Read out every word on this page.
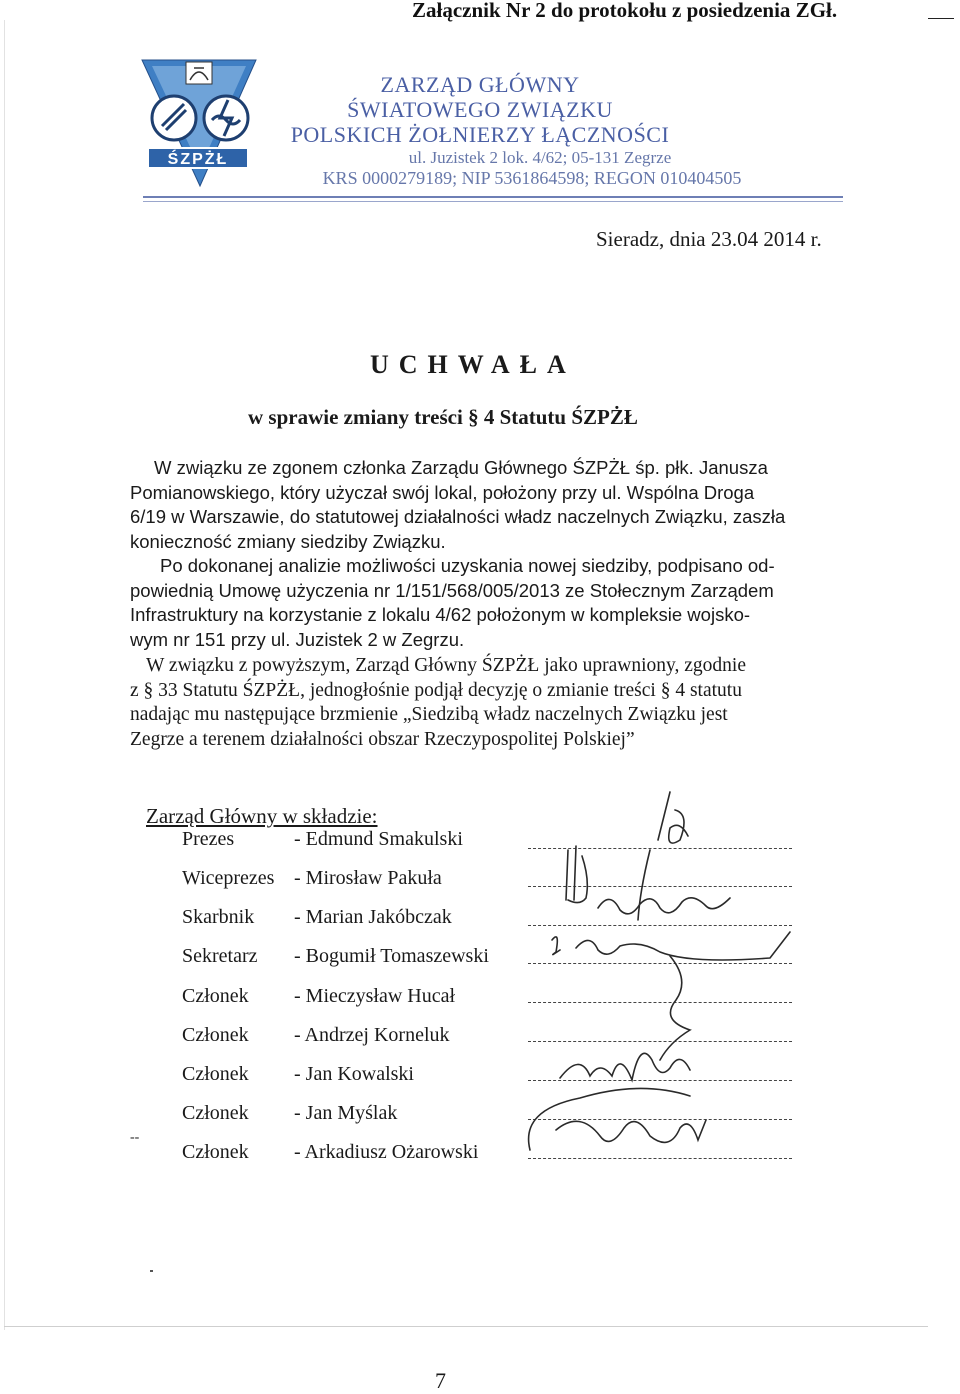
Załącznik Nr 2 do protokołu z posiedzenia ZGł.
ŚZPŻŁ
ZARZĄD GŁÓWNY
ŚWIATOWEGO ZWIĄZKU
POLSKICH ŻOŁNIERZY ŁĄCZNOŚCI
ul. Juzistek 2 lok. 4/62; 05-131 Zegrze
KRS 0000279189; NIP 5361864598; REGON 010404505
Sieradz, dnia 23.04 2014 r.
UCHWAŁA
w sprawie zmiany treści § 4 Statutu ŚZPŻŁ
W związku ze zgonem członka Zarządu Głównego ŚZPŻŁ śp. płk. Janusza
Pomianowskiego, który użyczał swój lokal, położony przy ul. Wspólna Droga
6/19 w Warszawie, do statutowej działalności władz naczelnych Związku, zaszła
konieczność zmiany siedziby Związku.
Po dokonanej analizie możliwości uzyskania nowej siedziby, podpisano od-
powiednią Umowę użyczenia nr 1/151/568/005/2013 ze Stołecznym Zarządem
Infrastruktury na korzystanie z lokalu 4/62 położonym w kompleksie wojsko-
wym nr 151 przy ul. Juzistek 2 w Zegrzu.
W związku z powyższym, Zarząd Główny ŚZPŻŁ jako uprawniony, zgodnie
z § 33 Statutu ŚZPŻŁ, jednogłośnie podjął decyzję o zmianie treści § 4 statutu
nadając mu następujące brzmienie „Siedzibą władz naczelnych Związku jest
Zegrze a terenem działalności obszar Rzeczypospolitej Polskiej”
Zarząd Główny w składzie:
Prezes	- Edmund Smakulski
Wiceprezes - Mirosław Pakuła
Skarbnik - Marian Jakóbczak
Sekretarz - Bogumił Tomaszewski
Członek - Mieczysław Hucał
Członek - Andrzej Korneluk
Członek - Jan Kowalski
Członek - Jan Myślak
Członek - Arkadiusz Ożarowski
--
7
